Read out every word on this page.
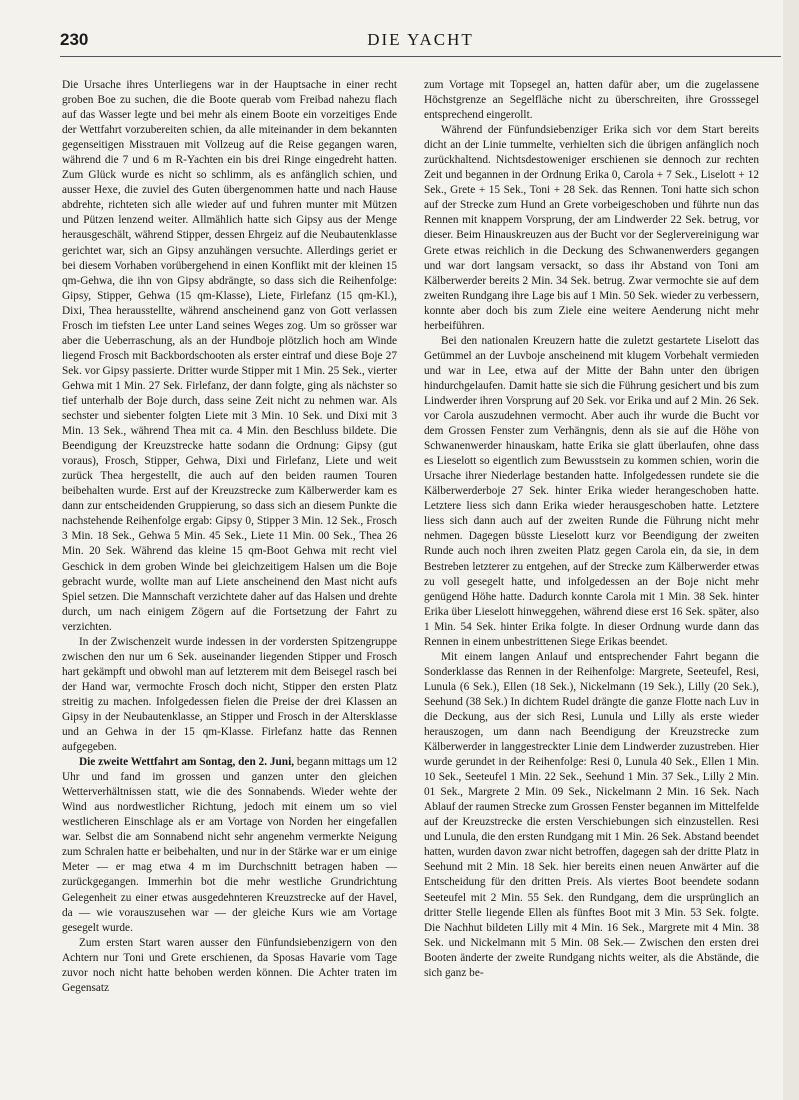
230	DIE YACHT

Die Ursache ihres Unterliegens war in der Hauptsache in einer recht groben Boe zu suchen, die die Boote querab vom Freibad nahezu flach auf das Wasser legte und bei mehr als einem Boote ein vorzeitiges Ende der Wettfahrt vorzubereiten schien, da alle miteinander in dem bekannten gegenseitigen Misstrauen mit Vollzeug auf die Reise gegangen waren, während die 7 und 6 m R-Yachten ein bis drei Ringe eingedreht hatten. Zum Glück wurde es nicht so schlimm, als es anfänglich schien, und ausser Hexe, die zuviel des Guten übergenommen hatte und nach Hause abdrehte, richteten sich alle wieder auf und fuhren munter mit Mützen und Pützen lenzend weiter. Allmählich hatte sich Gipsy aus der Menge herausgeschält, während Stipper, dessen Ehrgeiz auf die Neubautenklasse gerichtet war, sich an Gipsy anzuhängen versuchte. Allerdings geriet er bei diesem Vorhaben vorübergehend in einen Konflikt mit der kleinen 15 qm-Gehwa, die ihn von Gipsy abdrängte, so dass sich die Reihenfolge: Gipsy, Stipper, Gehwa (15 qm-Klasse), Liete, Firlefanz (15 qm-Kl.), Dixi, Thea herausstellte, während anscheinend ganz von Gott verlassen Frosch im tiefsten Lee unter Land seines Weges zog. Um so grösser war aber die Ueberraschung, als an der Hundboje plötzlich hoch am Winde liegend Frosch mit Backbordschooten als erster eintraf und diese Boje 27 Sek. vor Gipsy passierte. Dritter wurde Stipper mit 1 Min. 25 Sek., vierter Gehwa mit 1 Min. 27 Sek. Firlefanz, der dann folgte, ging als nächster so tief unterhalb der Boje durch, dass seine Zeit nicht zu nehmen war. Als sechster und siebenter folgten Liete mit 3 Min. 10 Sek. und Dixi mit 3 Min. 13 Sek., während Thea mit ca. 4 Min. den Beschluss bildete. Die Beendigung der Kreuzstrecke hatte sodann die Ordnung: Gipsy (gut voraus), Frosch, Stipper, Gehwa, Dixi und Firlefanz, Liete und weit zurück Thea hergestellt, die auch auf den beiden raumen Touren beibehalten wurde. Erst auf der Kreuzstrecke zum Kälberwerder kam es dann zur entscheidenden Gruppierung, so dass sich an diesem Punkte die nachstehende Reihenfolge ergab: Gipsy 0, Stipper 3 Min. 12 Sek., Frosch 3 Min. 18 Sek., Gehwa 5 Min. 45 Sek., Liete 11 Min. 00 Sek., Thea 26 Min. 20 Sek. Während das kleine 15 qm-Boot Gehwa mit recht viel Geschick in dem groben Winde bei gleichzeitigem Halsen um die Boje gebracht wurde, wollte man auf Liete anscheinend den Mast nicht aufs Spiel setzen. Die Mannschaft verzichtete daher auf das Halsen und drehte durch, um nach einigem Zögern auf die Fortsetzung der Fahrt zu verzichten.

In der Zwischenzeit wurde indessen in der vordersten Spitzengruppe zwischen den nur um 6 Sek. auseinander liegenden Stipper und Frosch hart gekämpft und obwohl man auf letzterem mit dem Beisegel rasch bei der Hand war, vermochte Frosch doch nicht, Stipper den ersten Platz streitig zu machen. Infolgedessen fielen die Preise der drei Klassen an Gipsy in der Neubautenklasse, an Stipper und Frosch in der Altersklasse und an Gehwa in der 15 qm-Klasse. Firlefanz hatte das Rennen aufgegeben.

Die zweite Wettfahrt am Sontag, den 2. Juni, begann mittags um 12 Uhr und fand im grossen und ganzen unter den gleichen Wetterverhältnissen statt, wie die des Sonnabends. Wieder wehte der Wind aus nordwestlicher Richtung, jedoch mit einem um so viel westlicheren Einschlage als er am Vortage von Norden her eingefallen war. Selbst die am Sonnabend nicht sehr angenehm vermerkte Neigung zum Schralen hatte er beibehalten, und nur in der Stärke war er um einige Meter — er mag etwa 4 m im Durchschnitt betragen haben — zurückgegangen. Immerhin bot die mehr westliche Grundrichtung Gelegenheit zu einer etwas ausgedehnteren Kreuzstrecke auf der Havel, da — wie vorauszusehen war — der gleiche Kurs wie am Vortage gesegelt wurde.

Zum ersten Start waren ausser den Fünfundsiebenzigern von den Achtern nur Toni und Grete erschienen, da Sposas Havarie vom Tage zuvor noch nicht hatte behoben werden können. Die Achter traten im Gegensatz

zum Vortage mit Topsegel an, hatten dafür aber, um die zugelassene Höchstgrenze an Segelfläche nicht zu überschreiten, ihre Grosssegel entsprechend eingerollt.

Während der Fünfundsiebenziger Erika sich vor dem Start bereits dicht an der Linie tummelte, verhielten sich die übrigen anfänglich noch zurückhaltend. Nichtsdestoweniger erschienen sie dennoch zur rechten Zeit und begannen in der Ordnung Erika 0, Carola + 7 Sek., Liselott + 12 Sek., Grete + 15 Sek., Toni + 28 Sek. das Rennen. Toni hatte sich schon auf der Strecke zum Hund an Grete vorbeigeschoben und führte nun das Rennen mit knappem Vorsprung, der am Lindwerder 22 Sek. betrug, vor dieser. Beim Hinauskreuzen aus der Bucht vor der Seglervereinigung war Grete etwas reichlich in die Deckung des Schwanenwerders gegangen und war dort langsam versackt, so dass ihr Abstand von Toni am Kälberwerder bereits 2 Min. 34 Sek. betrug. Zwar vermochte sie auf dem zweiten Rundgang ihre Lage bis auf 1 Min. 50 Sek. wieder zu verbessern, konnte aber doch bis zum Ziele eine weitere Aenderung nicht mehr herbeiführen.

Bei den nationalen Kreuzern hatte die zuletzt gestartete Liselott das Getümmel an der Luvboje anscheinend mit klugem Vorbehalt vermieden und war in Lee, etwa auf der Mitte der Bahn unter den übrigen hindurchgelaufen. Damit hatte sie sich die Führung gesichert und bis zum Lindwerder ihren Vorsprung auf 20 Sek. vor Erika und auf 2 Min. 26 Sek. vor Carola auszudehnen vermocht. Aber auch ihr wurde die Bucht vor dem Grossen Fenster zum Verhängnis, denn als sie auf die Höhe von Schwanenwerder hinauskam, hatte Erika sie glatt überlaufen, ohne dass es Lieselott so eigentlich zum Bewusstsein zu kommen schien, worin die Ursache ihrer Niederlage bestanden hatte. Infolgedessen rundete sie die Kälberwerderboje 27 Sek. hinter Erika wieder herangeschoben hatte. Letztere liess sich dann Erika wieder herausgeschoben hatte. Letztere liess sich dann auch auf der zweiten Runde die Führung nicht mehr nehmen. Dagegen büsste Lieselott kurz vor Beendigung der zweiten Runde auch noch ihren zweiten Platz gegen Carola ein, da sie, in dem Bestreben letzterer zu entgehen, auf der Strecke zum Kälberwerder etwas zu voll gesegelt hatte, und infolgedessen an der Boje nicht mehr genügend Höhe hatte. Dadurch konnte Carola mit 1 Min. 38 Sek. hinter Erika über Lieselott hinweggehen, während diese erst 16 Sek. später, also 1 Min. 54 Sek. hinter Erika folgte. In dieser Ordnung wurde dann das Rennen in einem unbestrittenen Siege Erikas beendet.

Mit einem langen Anlauf und entsprechender Fahrt begann die Sonderklasse das Rennen in der Reihenfolge: Margrete, Seeteufel, Resi, Lunula (6 Sek.), Ellen (18 Sek.), Nickelmann (19 Sek.), Lilly (20 Sek.), Seehund (38 Sek.) In dichtem Rudel drängte die ganze Flotte nach Luv in die Deckung, aus der sich Resi, Lunula und Lilly als erste wieder herauszogen, um dann nach Beendigung der Kreuzstrecke zum Kälberwerder in langgestreckter Linie dem Lindwerder zuzustreben. Hier wurde gerundet in der Reihenfolge: Resi 0, Lunula 40 Sek., Ellen 1 Min. 10 Sek., Seeteufel 1 Min. 22 Sek., Seehund 1 Min. 37 Sek., Lilly 2 Min. 01 Sek., Margrete 2 Min. 09 Sek., Nickelmann 2 Min. 16 Sek. Nach Ablauf der raumen Strecke zum Grossen Fenster begannen im Mittelfelde auf der Kreuzstrecke die ersten Verschiebungen sich einzustellen. Resi und Lunula, die den ersten Rundgang mit 1 Min. 26 Sek. Abstand beendet hatten, wurden davon zwar nicht betroffen, dagegen sah der dritte Platz in Seehund mit 2 Min. 18 Sek. hier bereits einen neuen Anwärter auf die Entscheidung für den dritten Preis. Als viertes Boot beendete sodann Seeteufel mit 2 Min. 55 Sek. den Rundgang, dem die ursprünglich an dritter Stelle liegende Ellen als fünftes Boot mit 3 Min. 53 Sek. folgte. Die Nachhut bildeten Lilly mit 4 Min. 16 Sek., Margrete mit 4 Min. 38 Sek. und Nickelmann mit 5 Min. 08 Sek.— Zwischen den ersten drei Booten änderte der zweite Rundgang nichts weiter, als die Abstände, die sich ganz be-
